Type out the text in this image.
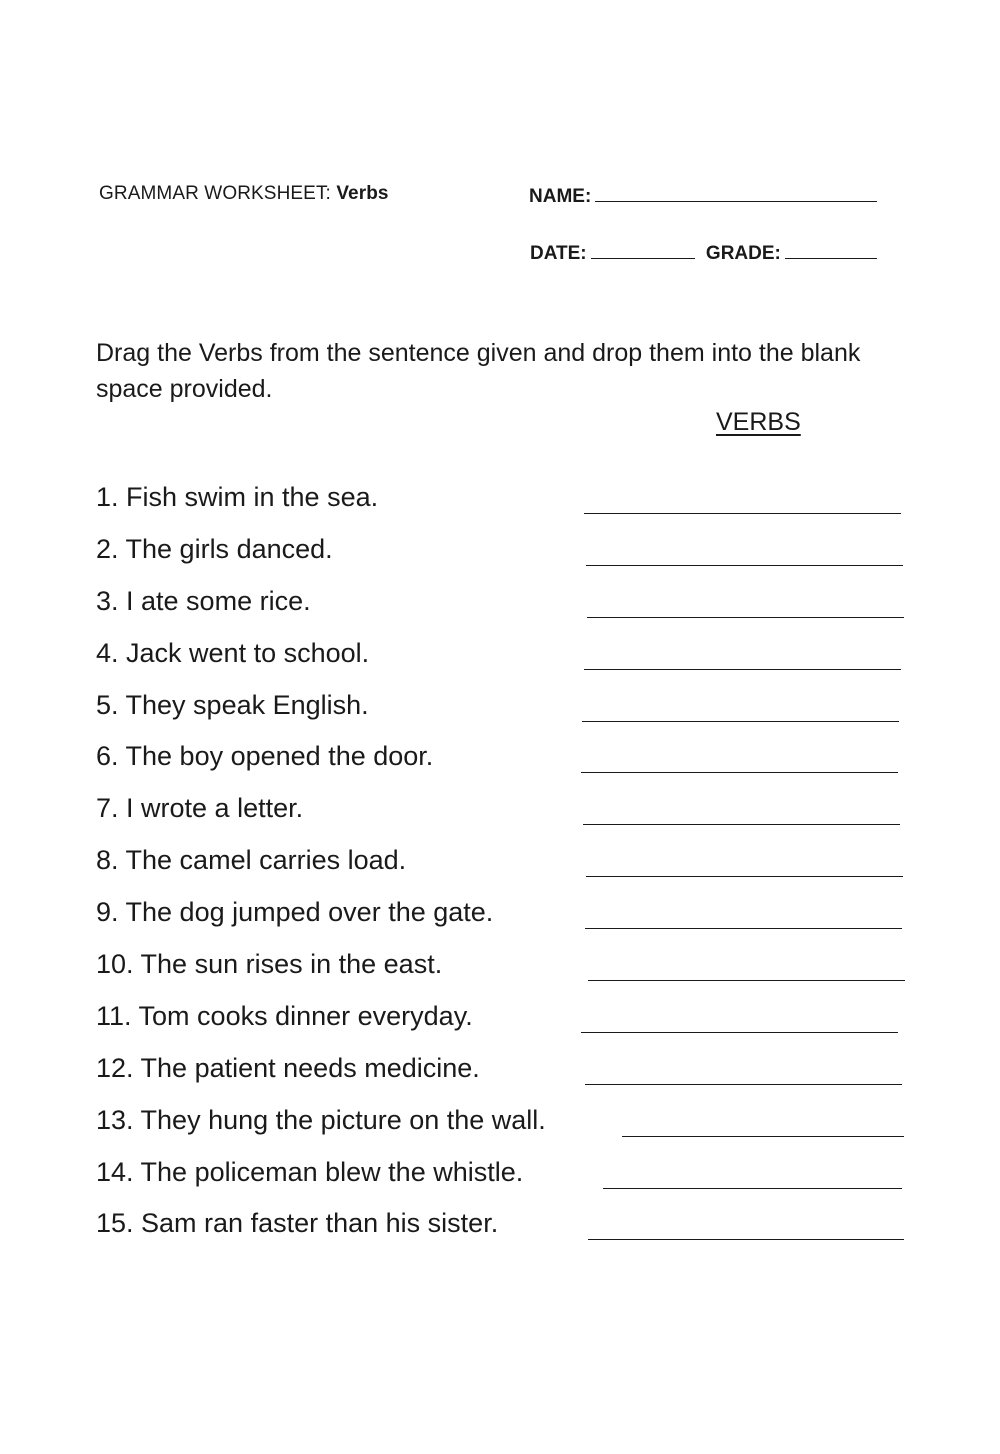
GRAMMAR WORKSHEET: Verbs	NAME:
DATE:	GRADE:
Drag the Verbs from the sentence given and drop them into the blank space provided.
VERBS
1. Fish swim in the sea.
2. The girls danced.
3. I ate some rice.
4. Jack went to school.
5. They speak English.
6. The boy opened the door.
7. I wrote a letter.
8. The camel carries load.
9. The dog jumped over the gate.
10. The sun rises in the east.
11. Tom cooks dinner everyday.
12. The patient needs medicine.
13. They hung the picture on the wall.
14. The policeman blew the whistle.
15. Sam ran faster than his sister.
